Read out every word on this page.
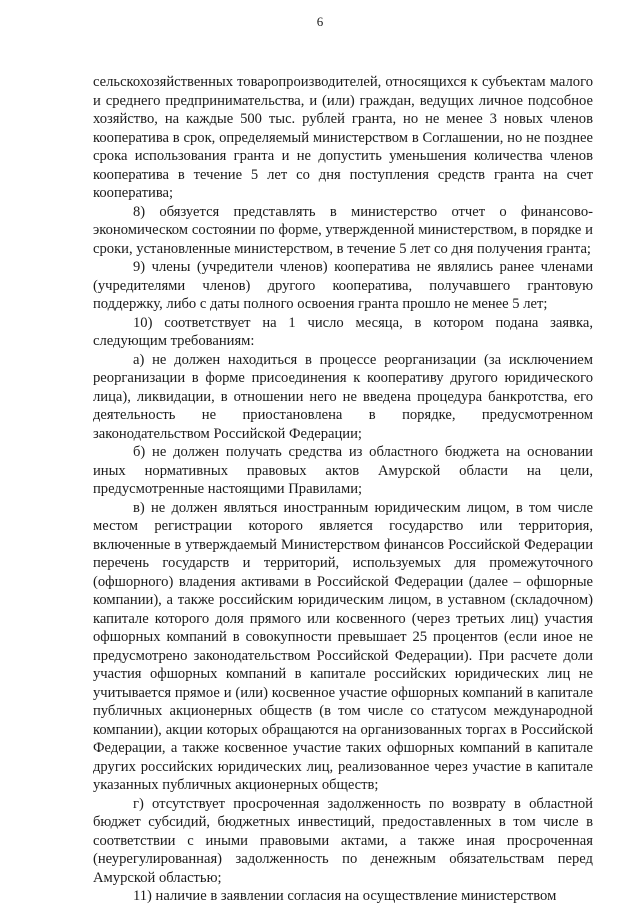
6

сельскохозяйственных товаропроизводителей, относящихся к субъектам малого и среднего предпринимательства, и (или) граждан, ведущих личное подсобное хозяйство, на каждые 500 тыс. рублей гранта, но не менее 3 новых членов кооператива в срок, определяемый министерством в Соглашении, но не позднее срока использования гранта и не допустить уменьшения количества членов кооператива в течение 5 лет со дня поступления средств гранта на счет кооператива;

8) обязуется представлять в министерство отчет о финансово-экономическом состоянии по форме, утвержденной министерством, в порядке и сроки, установленные министерством, в течение 5 лет со дня получения гранта;

9) члены (учредители членов) кооператива не являлись ранее членами (учредителями членов) другого кооператива, получавшего грантовую поддержку, либо с даты полного освоения гранта прошло не менее 5 лет;

10) соответствует на 1 число месяца, в котором подана заявка, следующим требованиям:

а) не должен находиться в процессе реорганизации (за исключением реорганизации в форме присоединения к кооперативу другого юридического лица), ликвидации, в отношении него не введена процедура банкротства, его деятельность не приостановлена в порядке, предусмотренном законодательством Российской Федерации;

б) не должен получать средства из областного бюджета на основании иных нормативных правовых актов Амурской области на цели, предусмотренные настоящими Правилами;

в) не должен являться иностранным юридическим лицом, в том числе местом регистрации которого является государство или территория, включенные в утверждаемый Министерством финансов Российской Федерации перечень государств и территорий, используемых для промежуточного (офшорного) владения активами в Российской Федерации (далее – офшорные компании), а также российским юридическим лицом, в уставном (складочном) капитале которого доля прямого или косвенного (через третьих лиц) участия офшорных компаний в совокупности превышает 25 процентов (если иное не предусмотрено законодательством Российской Федерации). При расчете доли участия офшорных компаний в капитале российских юридических лиц не учитывается прямое и (или) косвенное участие офшорных компаний в капитале публичных акционерных обществ (в том числе со статусом международной компании), акции которых обращаются на организованных торгах в Российской Федерации, а также косвенное участие таких офшорных компаний в капитале других российских юридических лиц, реализованное через участие в капитале указанных публичных акционерных обществ;

г) отсутствует просроченная задолженность по возврату в областной бюджет субсидий, бюджетных инвестиций, предоставленных в том числе в соответствии с иными правовыми актами, а также иная просроченная (неурегулированная) задолженность по денежным обязательствам перед Амурской областью;

11) наличие в заявлении согласия на осуществление министерством
